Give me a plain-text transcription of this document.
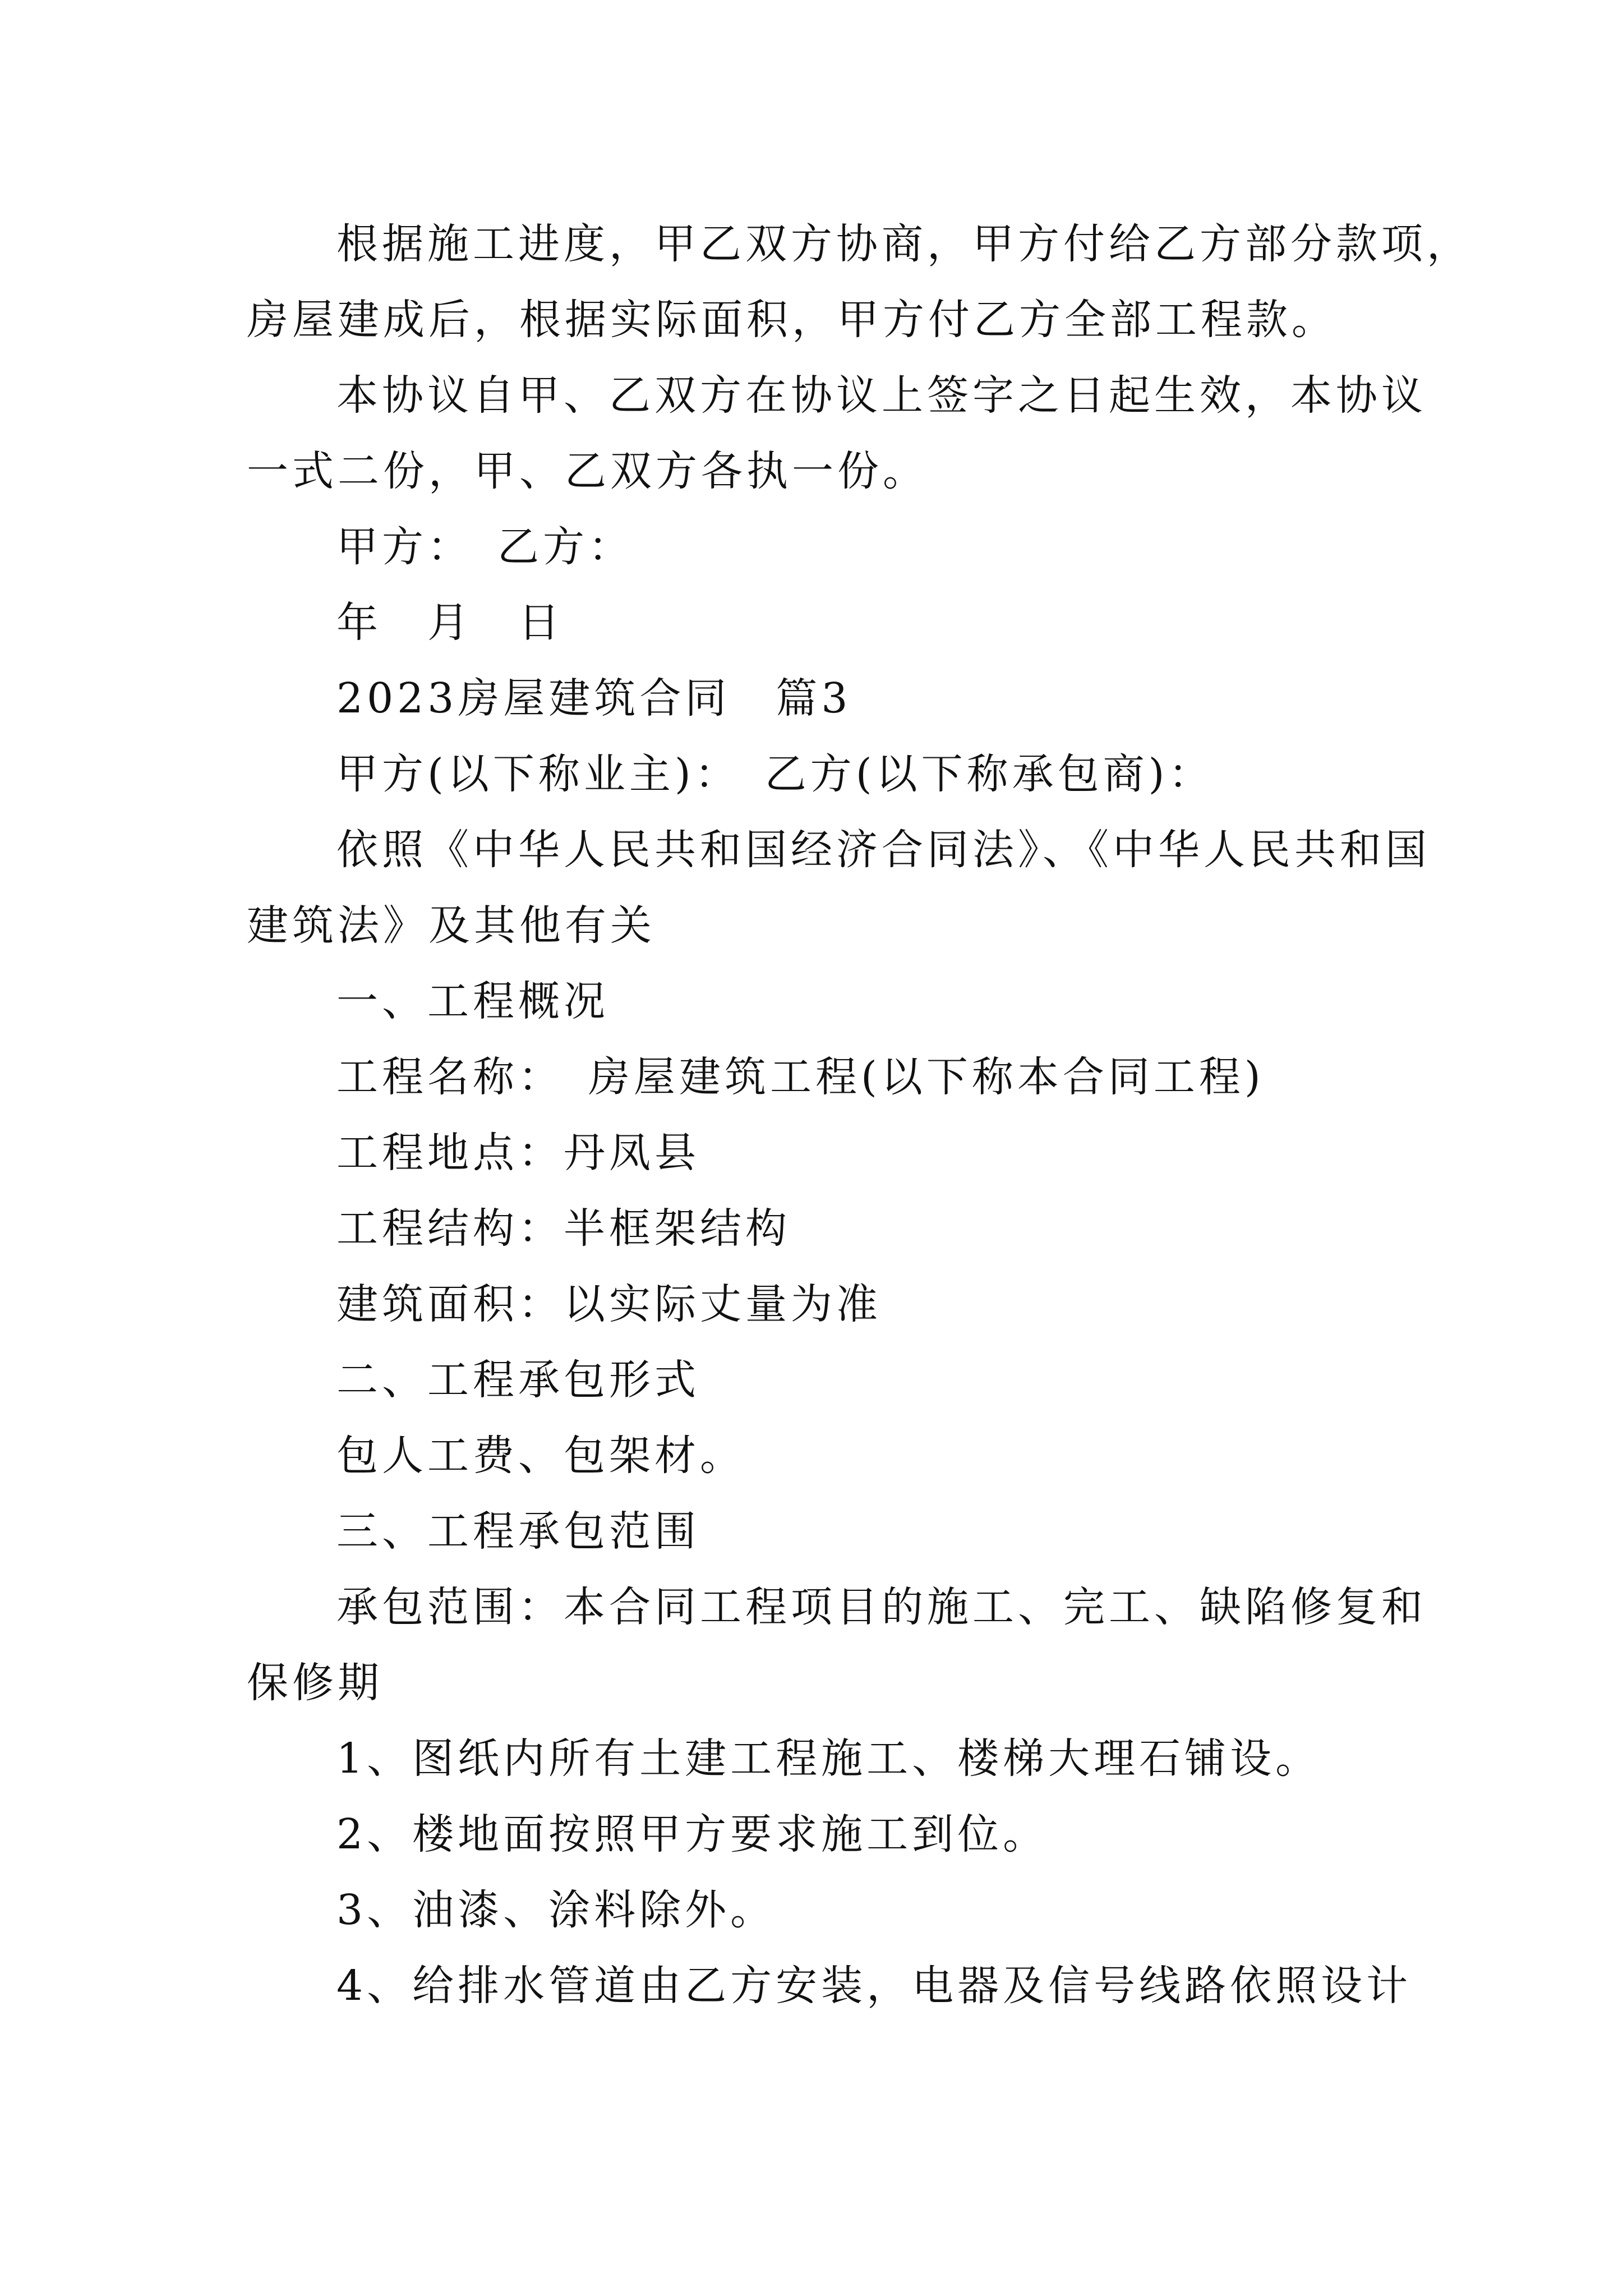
根据施工进度，甲乙双方协商，甲方付给乙方部分款项，
房屋建成后，根据实际面积，甲方付乙方全部工程款。
本协议自甲、乙双方在协议上签字之日起生效，本协议
一式二份，甲、乙双方各执一份。
甲方：　乙方：
年　月　日
2023房屋建筑合同　篇3
甲方(以下称业主)：　乙方(以下称承包商)：
依照《中华人民共和国经济合同法》、《中华人民共和国
建筑法》及其他有关
一、工程概况
工程名称：　房屋建筑工程(以下称本合同工程)
工程地点：丹凤县
工程结构：半框架结构
建筑面积：以实际丈量为准
二、工程承包形式
包人工费、包架材。
三、工程承包范围
承包范围：本合同工程项目的施工、完工、缺陷修复和
保修期
1、图纸内所有土建工程施工、楼梯大理石铺设。
2、楼地面按照甲方要求施工到位。
3、油漆、涂料除外。
4、给排水管道由乙方安装，电器及信号线路依照设计
